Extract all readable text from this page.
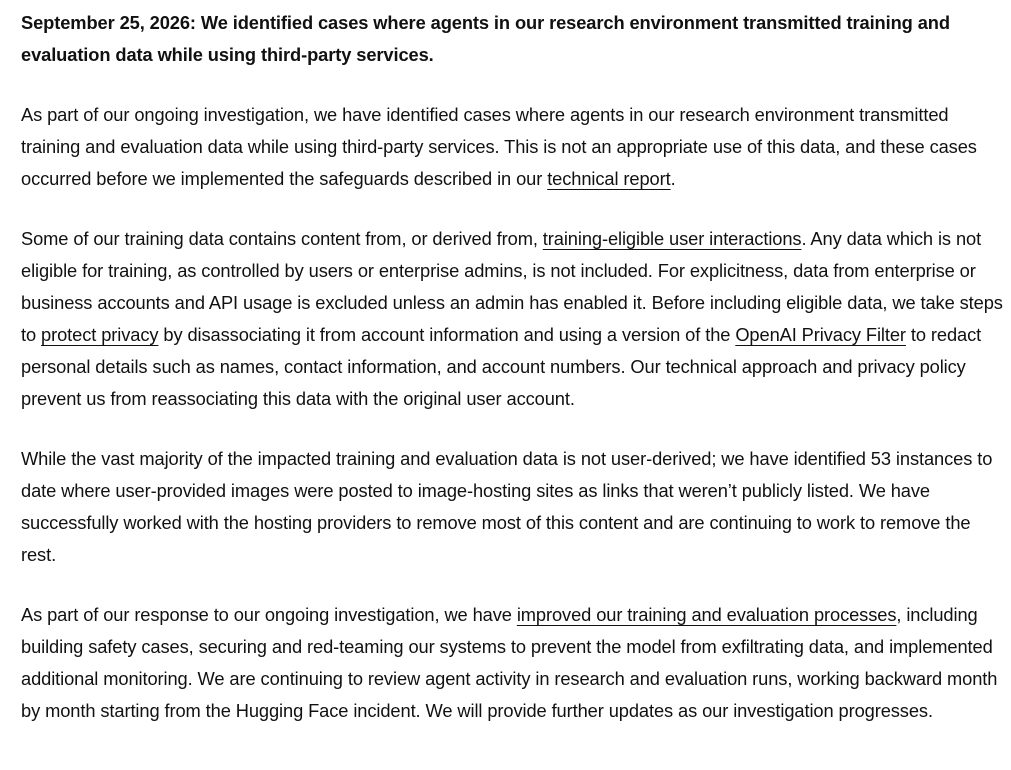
September 25, 2026: We identified cases where agents in our research environment transmitted training and evaluation data while using third-party services.

As part of our ongoing investigation, we have identified cases where agents in our research environment transmitted training and evaluation data while using third-party services. This is not an appropriate use of this data, and these cases occurred before we implemented the safeguards described in our technical report.

Some of our training data contains content from, or derived from, training-eligible user interactions. Any data which is not eligible for training, as controlled by users or enterprise admins, is not included. For explicitness, data from enterprise or business accounts and API usage is excluded unless an admin has enabled it. Before including eligible data, we take steps to protect privacy by disassociating it from account information and using a version of the OpenAI Privacy Filter to redact personal details such as names, contact information, and account numbers. Our technical approach and privacy policy prevent us from reassociating this data with the original user account.

While the vast majority of the impacted training and evaluation data is not user-derived; we have identified 53 instances to date where user-provided images were posted to image-hosting sites as links that weren’t publicly listed. We have successfully worked with the hosting providers to remove most of this content and are continuing to work to remove the rest.

As part of our response to our ongoing investigation, we have improved our training and evaluation processes, including building safety cases, securing and red-teaming our systems to prevent the model from exfiltrating data, and implemented additional monitoring. We are continuing to review agent activity in research and evaluation runs, working backward month by month starting from the Hugging Face incident. We will provide further updates as our investigation progresses.
